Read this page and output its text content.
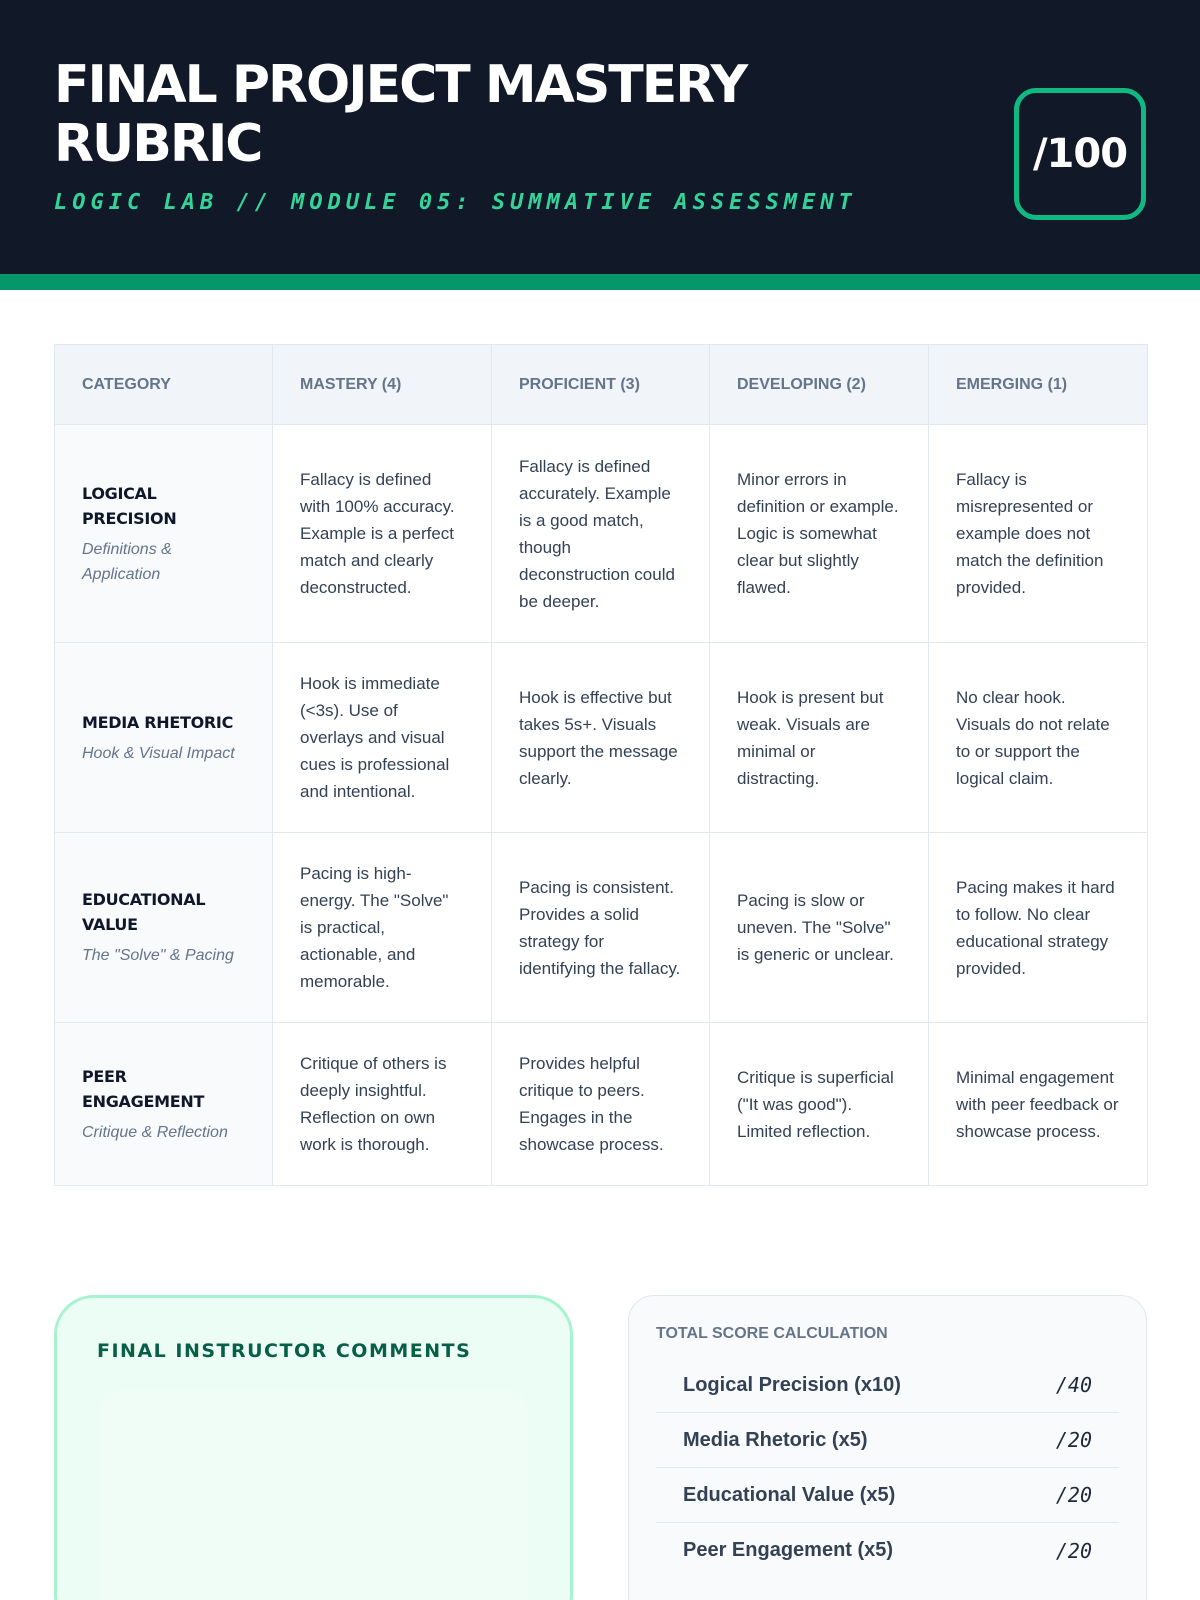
FINAL PROJECT MASTERY RUBRIC
LOGIC LAB // MODULE 05: SUMMATIVE ASSESSMENT
/100
CATEGORY	MASTERY (4)	PROFICIENT (3)	DEVELOPING (2)	EMERGING (1)

LOGICAL PRECISION
Definitions & Application	Fallacy is defined with 100% accuracy. Example is a perfect match and clearly deconstructed.	Fallacy is defined accurately. Example is a good match, though deconstruction could be deeper.	Minor errors in definition or example. Logic is somewhat clear but slightly flawed.	Fallacy is misrepresented or example does not match the definition provided.

MEDIA RHETORIC
Hook & Visual Impact	Hook is immediate (<3s). Use of overlays and visual cues is professional and intentional.	Hook is effective but takes 5s+. Visuals support the message clearly.	Hook is present but weak. Visuals are minimal or distracting.	No clear hook. Visuals do not relate to or support the logical claim.

EDUCATIONAL VALUE
The "Solve" & Pacing	Pacing is high-energy. The "Solve" is practical, actionable, and memorable.	Pacing is consistent. Provides a solid strategy for identifying the fallacy.	Pacing is slow or uneven. The "Solve" is generic or unclear.	Pacing makes it hard to follow. No clear educational strategy provided.

PEER ENGAGEMENT
Critique & Reflection	Critique of others is deeply insightful. Reflection on own work is thorough.	Provides helpful critique to peers. Engages in the showcase process.	Critique is superficial ("It was good"). Limited reflection.	Minimal engagement with peer feedback or showcase process.
FINAL INSTRUCTOR COMMENTS
TOTAL SCORE CALCULATION
Logical Precision (x10)	/40
Media Rhetoric (x5)	/20
Educational Value (x5)	/20
Peer Engagement (x5)	/20
